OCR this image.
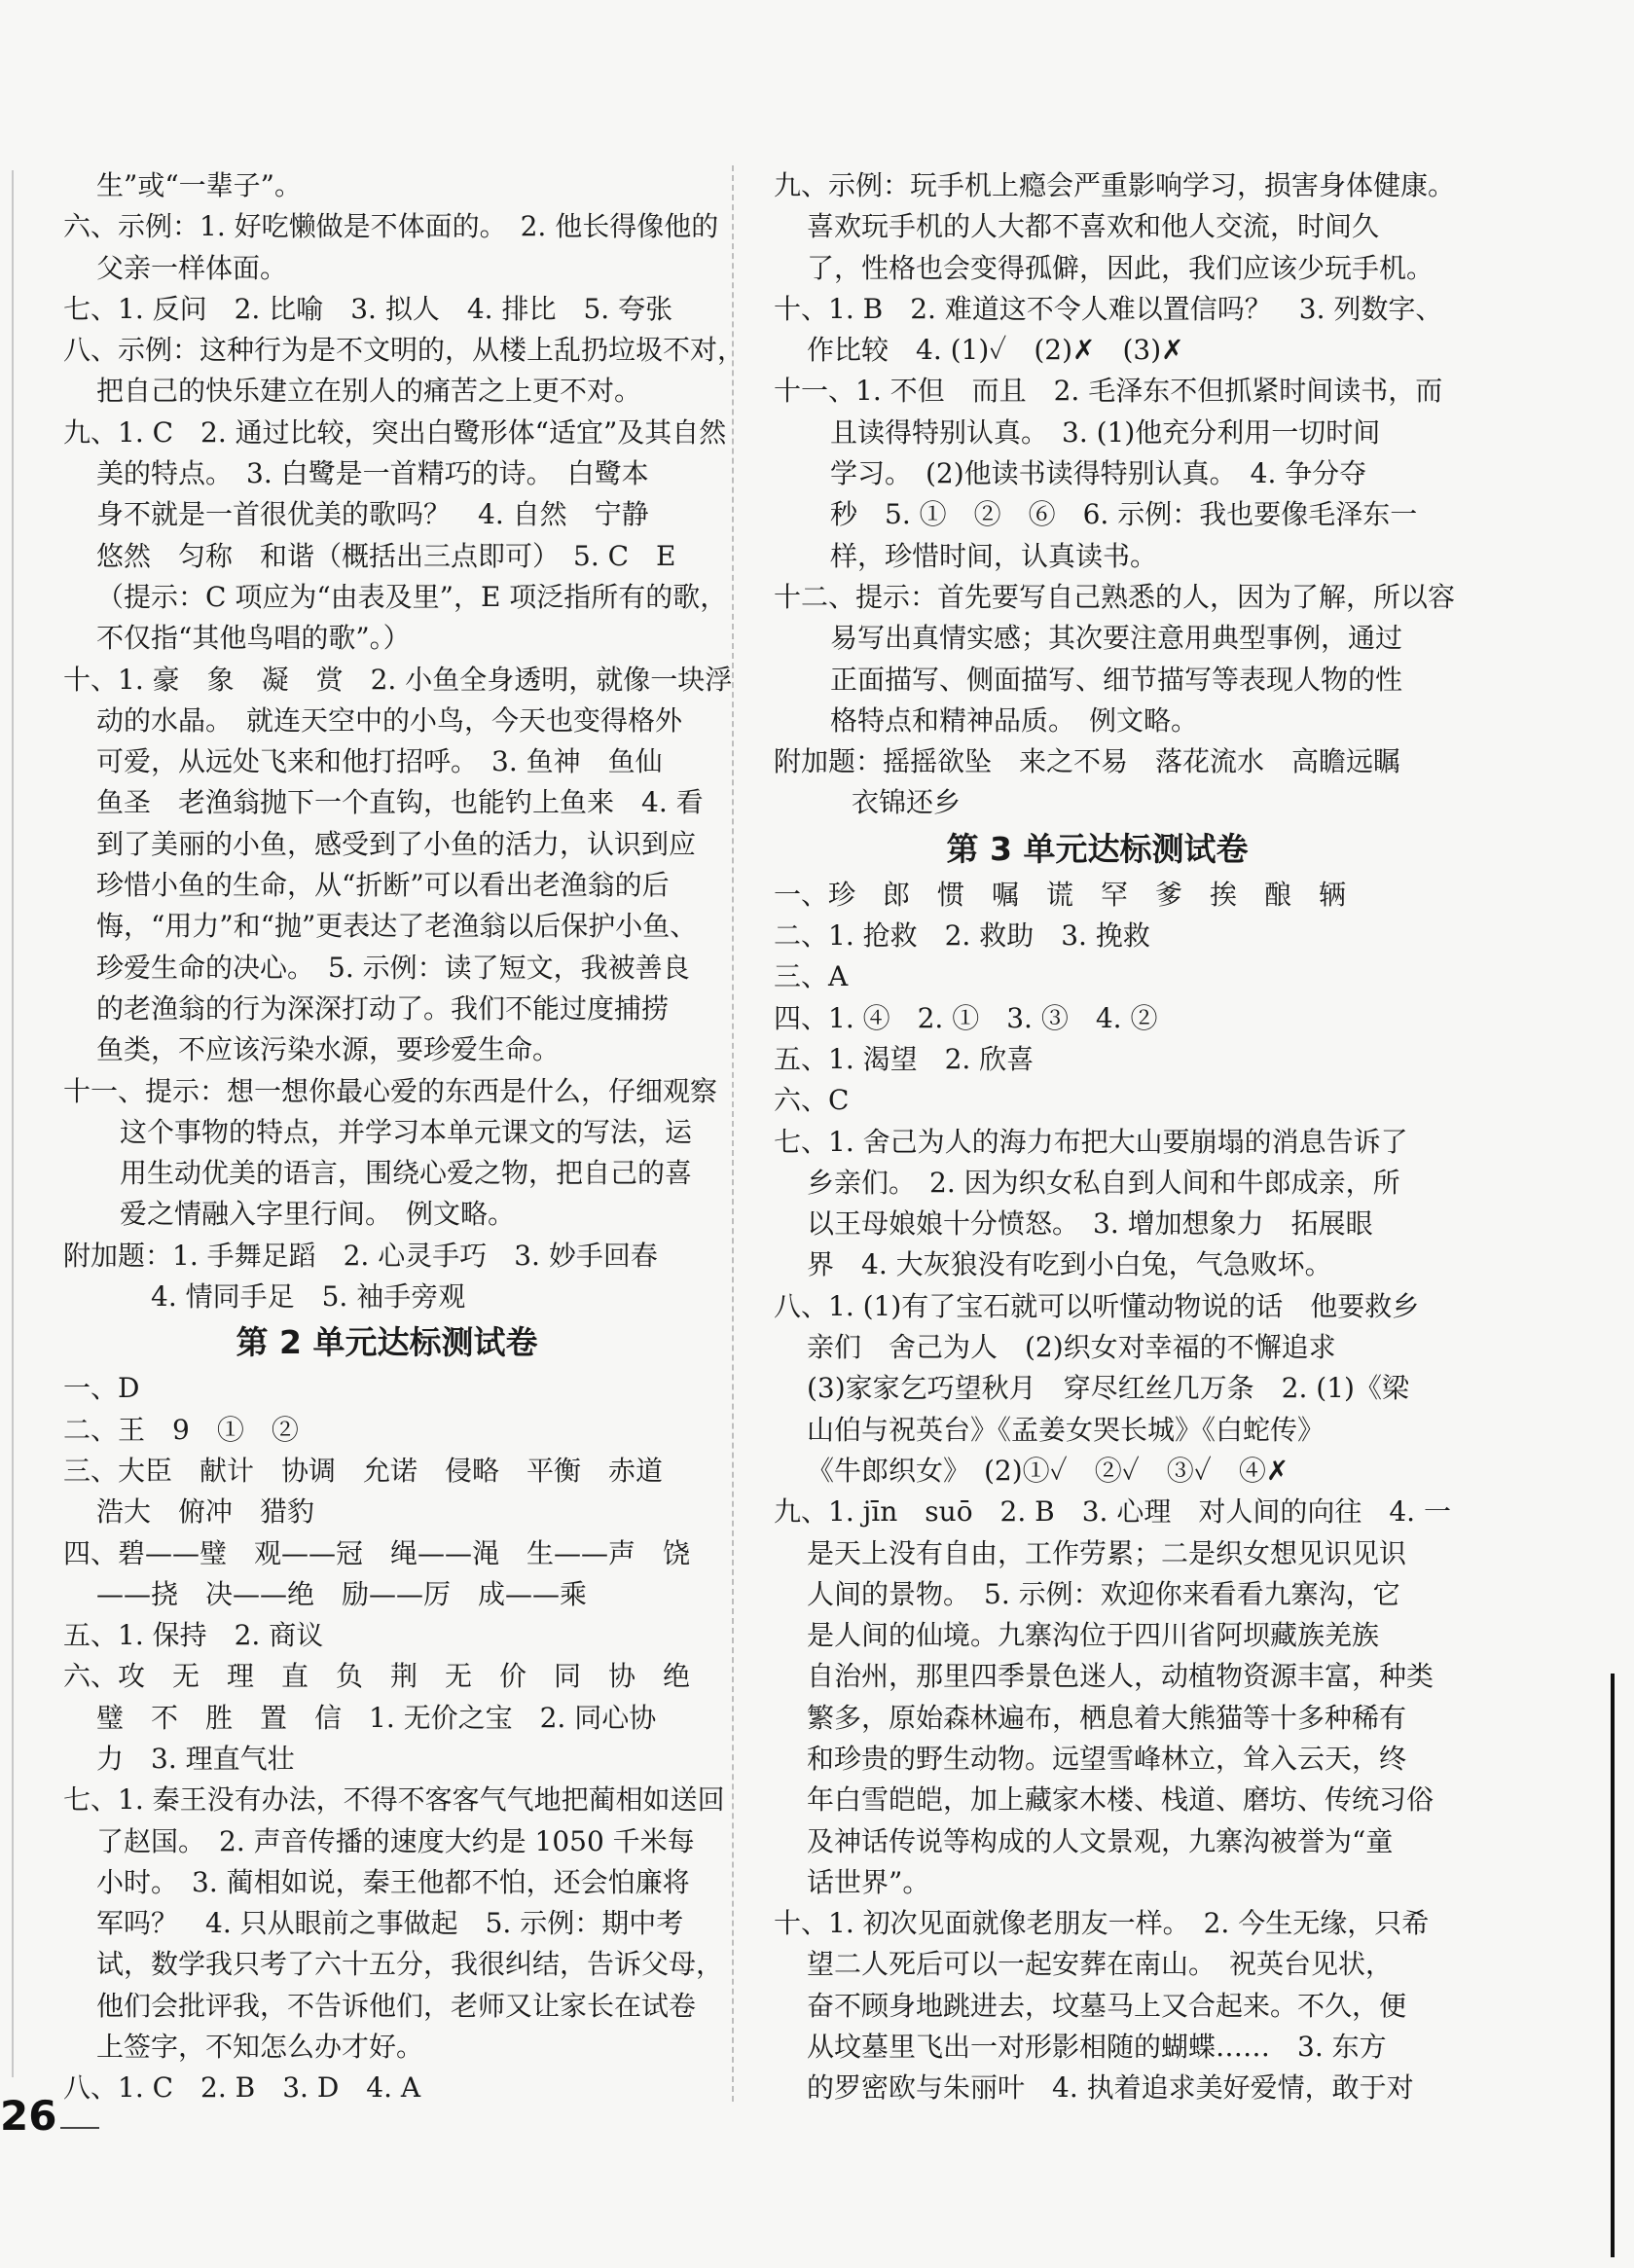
生”或“一辈子”。
六、示例：1. 好吃懒做是不体面的。　2. 他长得像他的
父亲一样体面。
七、1. 反问　2. 比喻　3. 拟人　4. 排比　5. 夸张
八、示例：这种行为是不文明的，从楼上乱扔垃圾不对，
把自己的快乐建立在别人的痛苦之上更不对。
九、1. C　2. 通过比较，突出白鹭形体“适宜”及其自然
美的特点。　3. 白鹭是一首精巧的诗。　白鹭本
身不就是一首很优美的歌吗？　4. 自然　宁静
悠然　匀称　和谐（概括出三点即可）　5. C　E
（提示：C 项应为“由表及里”，E 项泛指所有的歌，
不仅指“其他鸟唱的歌”。）
十、1. 豪　象　凝　赏　2. 小鱼全身透明，就像一块浮
动的水晶。　就连天空中的小鸟，今天也变得格外
可爱，从远处飞来和他打招呼。　3. 鱼神　鱼仙
鱼圣　老渔翁抛下一个直钩，也能钓上鱼来　4. 看
到了美丽的小鱼，感受到了小鱼的活力，认识到应
珍惜小鱼的生命，从“折断”可以看出老渔翁的后
悔，“用力”和“抛”更表达了老渔翁以后保护小鱼、
珍爱生命的决心。　5. 示例：读了短文，我被善良
的老渔翁的行为深深打动了。我们不能过度捕捞
鱼类，不应该污染水源，要珍爱生命。
十一、提示：想一想你最心爱的东西是什么，仔细观察
这个事物的特点，并学习本单元课文的写法，运
用生动优美的语言，围绕心爱之物，把自己的喜
爱之情融入字里行间。　例文略。
附加题：1. 手舞足蹈　2. 心灵手巧　3. 妙手回春
4. 情同手足　5. 袖手旁观
第 2 单元达标测试卷
一、D
二、王　9　①　②
三、大臣　献计　协调　允诺　侵略　平衡　赤道
浩大　俯冲　猎豹
四、碧——璧　观——冠　绳——渑　生——声　饶
——挠　决——绝　励——厉　成——乘
五、1. 保持　2. 商议
六、攻　无　理　直　负　荆　无　价　同　协　绝
璧　不　胜　置　信　1. 无价之宝　2. 同心协
力　3. 理直气壮
七、1. 秦王没有办法，不得不客客气气地把蔺相如送回
了赵国。　2. 声音传播的速度大约是 1050 千米每
小时。　3. 蔺相如说，秦王他都不怕，还会怕廉将
军吗？　4. 只从眼前之事做起　5. 示例：期中考
试，数学我只考了六十五分，我很纠结，告诉父母，
他们会批评我，不告诉他们，老师又让家长在试卷
上签字，不知怎么办才好。
八、1. C　2. B　3. D　4. A
九、示例：玩手机上瘾会严重影响学习，损害身体健康。
喜欢玩手机的人大都不喜欢和他人交流，时间久
了，性格也会变得孤僻，因此，我们应该少玩手机。
十、1. B　2. 难道这不令人难以置信吗？　3. 列数字、
作比较　4. (1)✓　(2)✗　(3)✗
十一、1. 不但　而且　2. 毛泽东不但抓紧时间读书，而
且读得特别认真。　3. (1)他充分利用一切时间
学习。　(2)他读书读得特别认真。　4. 争分夺
秒　5. ①　②　⑥　6. 示例：我也要像毛泽东一
样，珍惜时间，认真读书。
十二、提示：首先要写自己熟悉的人，因为了解，所以容
易写出真情实感；其次要注意用典型事例，通过
正面描写、侧面描写、细节描写等表现人物的性
格特点和精神品质。　例文略。
附加题：摇摇欲坠　来之不易　落花流水　高瞻远瞩
衣锦还乡
第 3 单元达标测试卷
一、珍　郎　惯　嘱　谎　罕　爹　挨　酿　辆
二、1. 抢救　2. 救助　3. 挽救
三、A
四、1. ④　2. ①　3. ③　4. ②
五、1. 渴望　2. 欣喜
六、C
七、1. 舍己为人的海力布把大山要崩塌的消息告诉了
乡亲们。　2. 因为织女私自到人间和牛郎成亲，所
以王母娘娘十分愤怒。　3. 增加想象力　拓展眼
界　4. 大灰狼没有吃到小白兔，气急败坏。
八、1. (1)有了宝石就可以听懂动物说的话　他要救乡
亲们　舍己为人　(2)织女对幸福的不懈追求
(3)家家乞巧望秋月　穿尽红丝几万条　2. (1)《梁
山伯与祝英台》《孟姜女哭长城》《白蛇传》
《牛郎织女》　(2)①✓　②✓　③✓　④✗
九、1. jīn　suō　2. B　3. 心理　对人间的向往　4. 一
是天上没有自由，工作劳累；二是织女想见识见识
人间的景物。　5. 示例：欢迎你来看看九寨沟，它
是人间的仙境。九寨沟位于四川省阿坝藏族羌族
自治州，那里四季景色迷人，动植物资源丰富，种类
繁多，原始森林遍布，栖息着大熊猫等十多种稀有
和珍贵的野生动物。远望雪峰林立，耸入云天，终
年白雪皑皑，加上藏家木楼、栈道、磨坊、传统习俗
及神话传说等构成的人文景观，九寨沟被誉为“童
话世界”。
十、1. 初次见面就像老朋友一样。　2. 今生无缘，只希
望二人死后可以一起安葬在南山。　祝英台见状，
奋不顾身地跳进去，坟墓马上又合起来。不久，便
从坟墓里飞出一对形影相随的蝴蝶……　3. 东方
的罗密欧与朱丽叶　4. 执着追求美好爱情，敢于对
26
